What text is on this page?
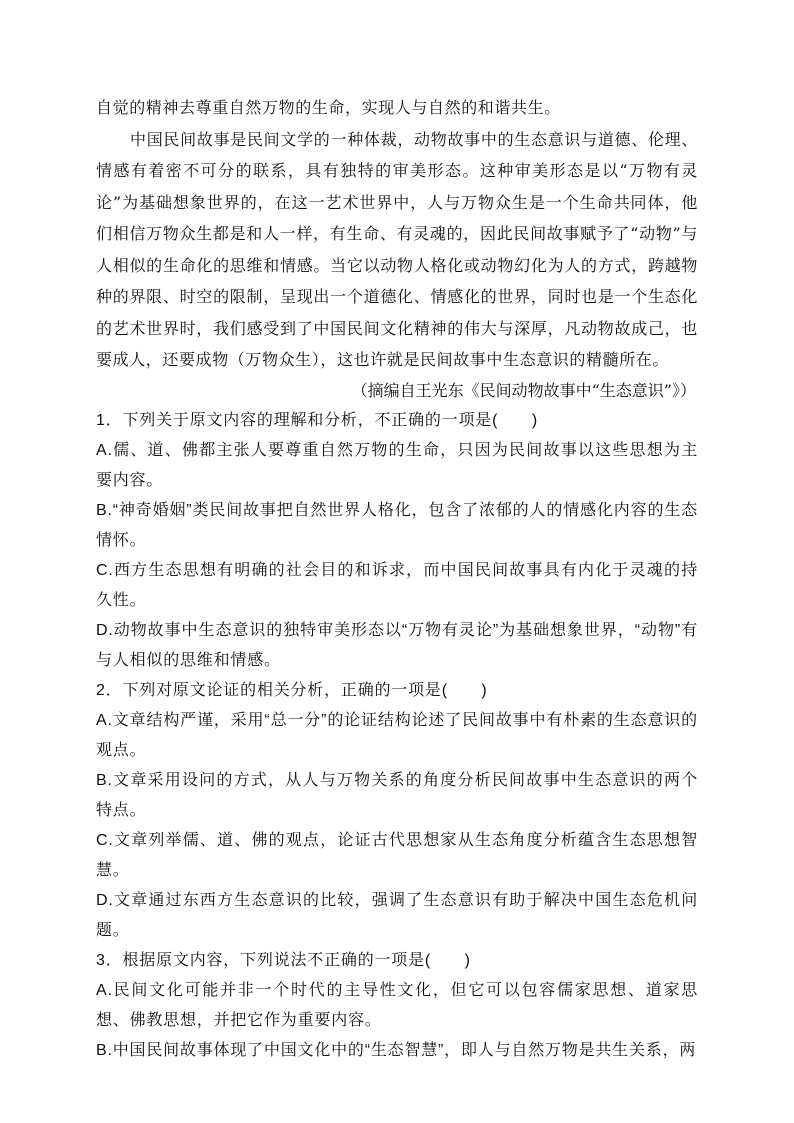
自觉的精神去尊重自然万物的生命，实现人与自然的和谐共生。

中国民间故事是民间文学的一种体裁，动物故事中的生态意识与道德、伦理、情感有着密不可分的联系，具有独特的审美形态。这种审美形态是以“万物有灵论”为基础想象世界的，在这一艺术世界中，人与万物众生是一个生命共同体，他们相信万物众生都是和人一样，有生命、有灵魂的，因此民间故事赋予了“动物”与人相似的生命化的思维和情感。当它以动物人格化或动物幻化为人的方式，跨越物种的界限、时空的限制，呈现出一个道德化、情感化的世界，同时也是一个生态化的艺术世界时，我们感受到了中国民间文化精神的伟大与深厚，凡动物故成己，也要成人，还要成物（万物众生），这也许就是民间故事中生态意识的精髓所在。

（摘编自王光东《民间动物故事中“生态意识”》）

1．下列关于原文内容的理解和分析，不正确的一项是(　　)

A.儒、道、佛都主张人要尊重自然万物的生命，只因为民间故事以这些思想为主要内容。

B.“神奇婚姻”类民间故事把自然世界人格化，包含了浓郁的人的情感化内容的生态情怀。

C.西方生态思想有明确的社会目的和诉求，而中国民间故事具有内化于灵魂的持久性。

D.动物故事中生态意识的独特审美形态以“万物有灵论”为基础想象世界，“动物”有与人相似的思维和情感。

2．下列对原文论证的相关分析，正确的一项是(　　)

A.文章结构严谨，采用“总一分”的论证结构论述了民间故事中有朴素的生态意识的观点。

B.文章采用设问的方式，从人与万物关系的角度分析民间故事中生态意识的两个特点。

C.文章列举儒、道、佛的观点，论证古代思想家从生态角度分析蕴含生态思想智慧。

D.文章通过东西方生态意识的比较，强调了生态意识有助于解决中国生态危机问题。

3．根据原文内容，下列说法不正确的一项是(　　)

A.民间文化可能并非一个时代的主导性文化，但它可以包容儒家思想、道家思想、佛教思想，并把它作为重要内容。

B.中国民间故事体现了中国文化中的“生态智慧”，即人与自然万物是共生关系，两
